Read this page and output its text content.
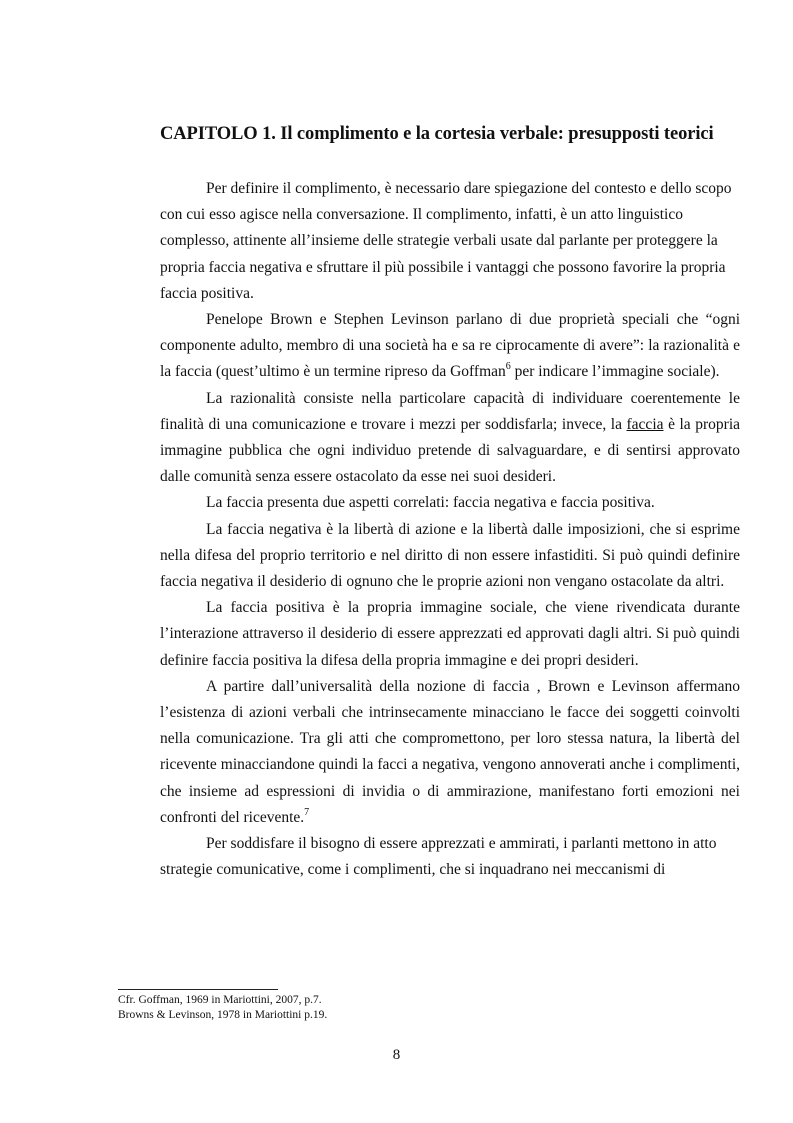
CAPITOLO 1. Il complimento e la cortesia verbale: presupposti teorici

Per definire il complimento, è necessario dare spiegazione del contesto e dello scopo con cui esso agisce nella conversazione. Il complimento, infatti, è un atto linguistico complesso, attinente all’insieme delle strategie verbali usate dal parlante per proteggere la propria faccia negativa e sfruttare il più possibile i vantaggi che possono favorire la propria faccia positiva.

Penelope Brown e Stephen Levinson parlano di due proprietà speciali che “ogni componente adulto, membro di una società ha e sa re ciprocamente di avere”: la razionalità e la faccia (quest’ultimo è un termine ripreso da Goffman$^6$ per indicare l’immagine sociale).

La razionalità consiste nella particolare capacità di individuare coerentemente le finalità di una comunicazione e trovare i mezzi per soddisfarla; invece, la faccia è la propria immagine pubblica che ogni individuo pretende di salvaguardare, e di sentirsi approvato dalle comunità senza essere ostacolato da esse nei suoi desideri.

La faccia presenta due aspetti correlati: faccia negativa e faccia positiva.

La faccia negativa è la libertà di azione e la libertà dalle imposizioni, che si esprime nella difesa del proprio territorio e nel diritto di non essere infastiditi. Si può quindi definire faccia negativa il desiderio di ognuno che le proprie azioni non vengano ostacolate da altri.

La faccia positiva è la propria immagine sociale, che viene rivendicata durante l’interazione attraverso il desiderio di essere apprezzati ed approvati dagli altri. Si può quindi definire faccia positiva la difesa della propria immagine e dei propri desideri.

A partire dall’universalità della nozione di faccia , Brown e Levinson affermano l’esistenza di azioni verbali che intrinsecamente minacciano le facce dei soggetti coinvolti nella comunicazione. Tra gli atti che compromettono, per loro stessa natura, la libertà del ricevente minacciandone quindi la facci a negativa, vengono annoverati anche i complimenti, che insieme ad espressioni di invidia o di ammirazione, manifestano forti emozioni nei confronti del ricevente.$^7$

Per soddisfare il bisogno di essere apprezzati e ammirati, i parlanti mettono in atto strategie comunicative, come i complimenti, che si inquadrano nei meccanismi di

Cfr. Goffman, 1969 in Mariottini, 2007, p.7.
Browns & Levinson, 1978 in Mariottini p.19.
8
